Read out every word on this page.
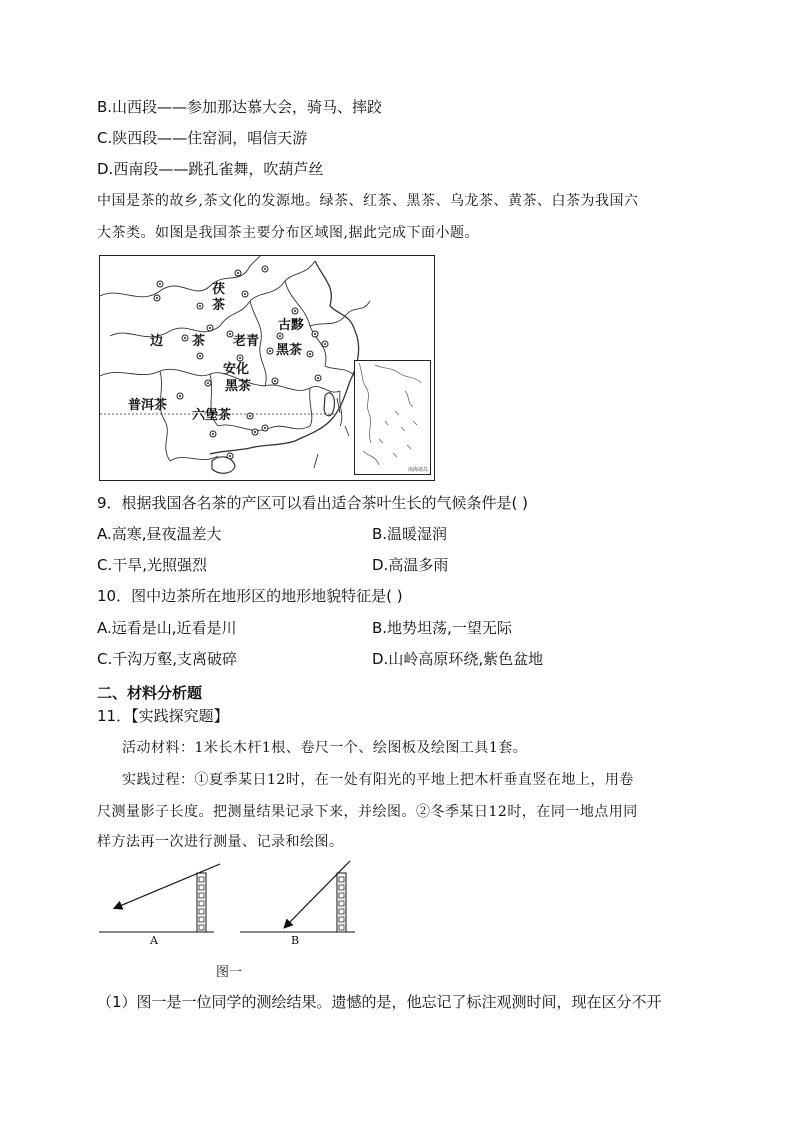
B.山西段——参加那达慕大会，骑马、摔跤
C.陕西段——住窑洞，唱信天游
D.西南段——跳孔雀舞，吹葫芦丝
中国是茶的故乡,茶文化的发源地。绿茶、红茶、黑茶、乌龙茶、黄茶、白茶为我国六
大茶类。如图是我国茶主要分布区域图,据此完成下面小题。
茯
茶
边 茶 老青
古黟
黑茶
安化
黑茶
普洱茶
六堡茶
南海诸岛
9．根据我国各名茶的产区可以看出适合茶叶生长的气候条件是( )
A.高寒,昼夜温差大	B.温暖湿润
C.干旱,光照强烈	D.高温多雨
10．图中边茶所在地形区的地形地貌特征是( )
A.远看是山,近看是川	B.地势坦荡,一望无际
C.千沟万壑,支离破碎	D.山岭高原环绕,紫色盆地
二、材料分析题
11．【实践探究题】
活动材料：1米长木杆1根、卷尺一个、绘图板及绘图工具1套。
实践过程：①夏季某日12时，在一处有阳光的平地上把木杆垂直竖在地上，用卷
尺测量影子长度。把测量结果记录下来，并绘图。②冬季某日12时，在同一地点用同
样方法再一次进行测量、记录和绘图。
A	B
图一
（1）图一是一位同学的测绘结果。遗憾的是，他忘记了标注观测时间，现在区分不开
